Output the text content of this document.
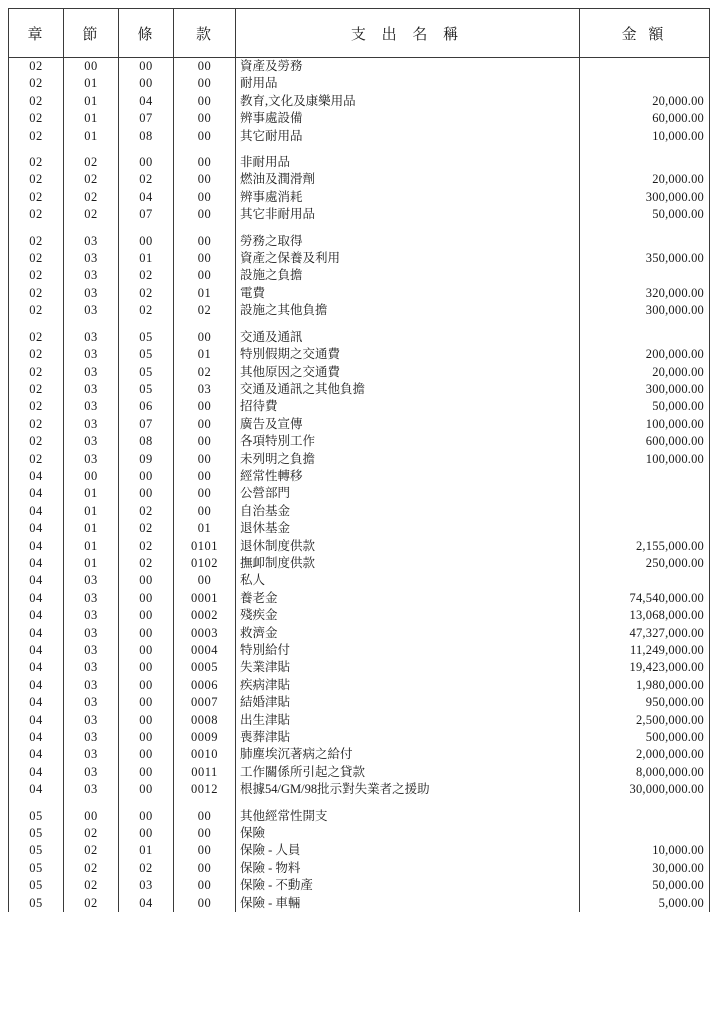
章	節	條	款	支 出 名 稱	金 額
02	00	00	00	資產及勞務	
02	01	00	00	耐用品	
02	01	04	00	教育,文化及康樂用品	20,000.00
02	01	07	00	辨事處設備	60,000.00
02	01	08	00	其它耐用品	10,000.00

02	02	00	00	非耐用品	
02	02	02	00	燃油及潤滑劑	20,000.00
02	02	04	00	辨事處消耗	300,000.00
02	02	07	00	其它非耐用品	50,000.00

02	03	00	00	勞務之取得	
02	03	01	00	資產之保養及利用	350,000.00
02	03	02	00	設施之負擔	
02	03	02	01	電費	320,000.00
02	03	02	02	設施之其他負擔	300,000.00

02	03	05	00	交通及通訊	
02	03	05	01	特別假期之交通費	200,000.00
02	03	05	02	其他原因之交通費	20,000.00
02	03	05	03	交通及通訊之其他負擔	300,000.00
02	03	06	00	招待費	50,000.00
02	03	07	00	廣告及宣傳	100,000.00
02	03	08	00	各項特別工作	600,000.00
02	03	09	00	未列明之負擔	100,000.00
04	00	00	00	經常性轉移	
04	01	00	00	公營部門	
04	01	02	00	自治基金	
04	01	02	01	退休基金	
04	01	02	0101	退休制度供款	2,155,000.00
04	01	02	0102	撫卹制度供款	250,000.00
04	03	00	00	私人	
04	03	00	0001	養老金	74,540,000.00
04	03	00	0002	殘疾金	13,068,000.00
04	03	00	0003	救濟金	47,327,000.00
04	03	00	0004	特別給付	11,249,000.00
04	03	00	0005	失業津貼	19,423,000.00
04	03	00	0006	疾病津貼	1,980,000.00
04	03	00	0007	結婚津貼	950,000.00
04	03	00	0008	出生津貼	2,500,000.00
04	03	00	0009	喪葬津貼	500,000.00
04	03	00	0010	肺塵埃沉著病之給付	2,000,000.00
04	03	00	0011	工作關係所引起之貸款	8,000,000.00
04	03	00	0012	根據54/GM/98批示對失業者之援助	30,000,000.00

05	00	00	00	其他經常性開支	
05	02	00	00	保險	
05	02	01	00	保險 - 人員	10,000.00
05	02	02	00	保險 - 物料	30,000.00
05	02	03	00	保險 - 不動產	50,000.00
05	02	04	00	保險 - 車輛	5,000.00
